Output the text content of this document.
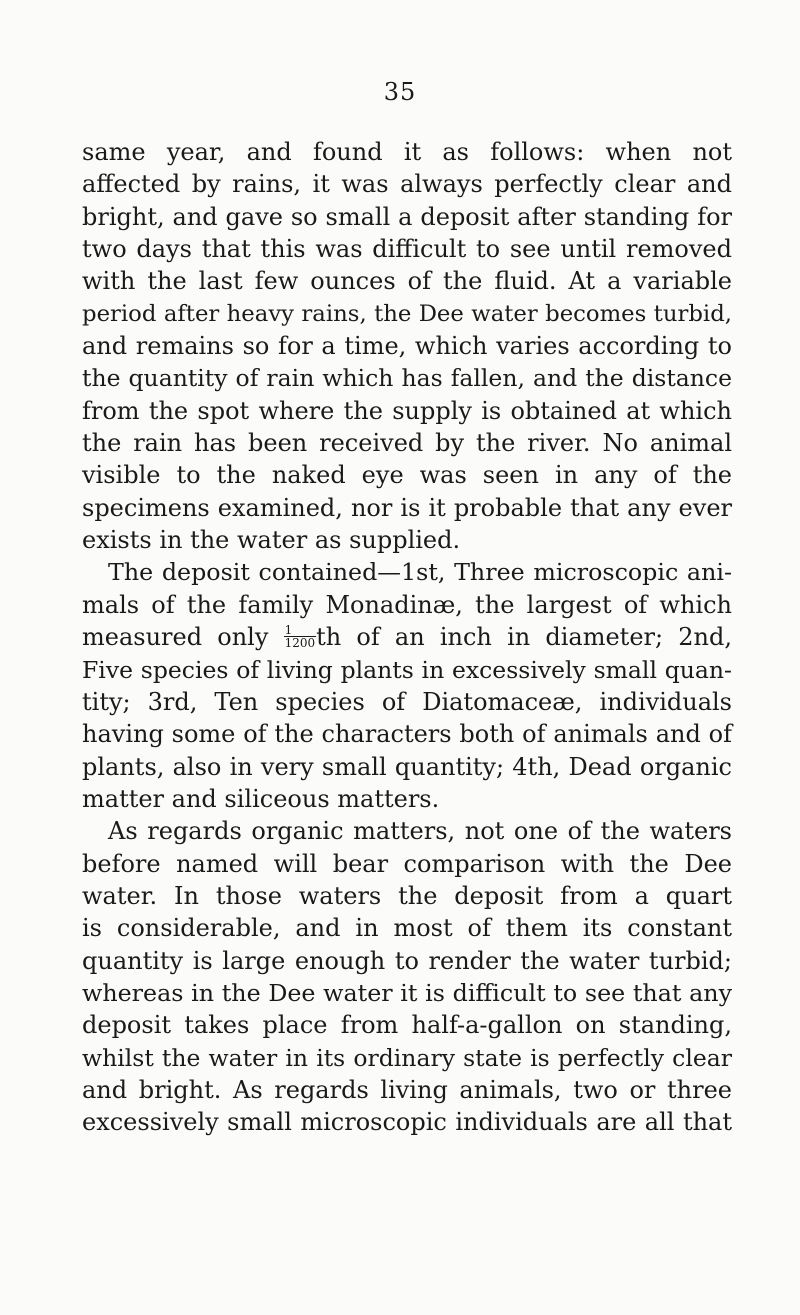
35
same year, and found it as follows: when not
affected by rains, it was always perfectly clear and
bright, and gave so small a deposit after standing for
two days that this was difficult to see until removed
with the last few ounces of the fluid. At a variable
period after heavy rains, the Dee water becomes turbid,
and remains so for a time, which varies according to
the quantity of rain which has fallen, and the distance
from the spot where the supply is obtained at which
the rain has been received by the river. No animal
visible to the naked eye was seen in any of the
specimens examined, nor is it probable that any ever
exists in the water as supplied.
The deposit contained—1st, Three microscopic ani-
mals of the family Monadinæ, the largest of which
measured only $\frac{1}{1200}$ th of an inch in diameter; 2nd,
Five species of living plants in excessively small quan-
tity; 3rd, Ten species of Diatomaceæ, individuals
having some of the characters both of animals and of
plants, also in very small quantity; 4th, Dead organic
matter and siliceous matters.
As regards organic matters, not one of the waters
before named will bear comparison with the Dee
water. In those waters the deposit from a quart
is considerable, and in most of them its constant
quantity is large enough to render the water turbid;
whereas in the Dee water it is difficult to see that any
deposit takes place from half-a-gallon on standing,
whilst the water in its ordinary state is perfectly clear
and bright. As regards living animals, two or three
excessively small microscopic individuals are all that
